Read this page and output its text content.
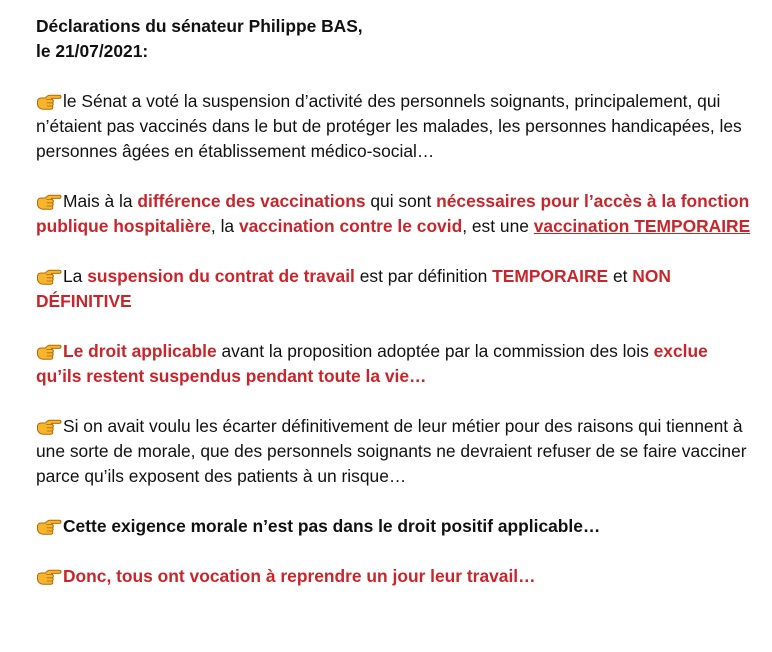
Déclarations du sénateur Philippe BAS,

le 21/07/2021:

le Sénat a voté la suspension d’activité des personnels soignants, principalement, qui n’étaient pas vaccinés dans le but de protéger les malades, les personnes handicapées, les personnes âgées en établissement médico-social…

Mais à la différence des vaccinations qui sont nécessaires pour l’accès à la fonction publique hospitalière, la vaccination contre le covid, est une vaccination TEMPORAIRE

La suspension du contrat de travail est par définition TEMPORAIRE et NON DÉFINITIVE

Le droit applicable avant la proposition adoptée par la commission des lois exclue qu’ils restent suspendus pendant toute la vie…

Si on avait voulu les écarter définitivement de leur métier pour des raisons qui tiennent à une sorte de morale, que des personnels soignants ne devraient refuser de se faire vacciner parce qu’ils exposent des patients à un risque…

Cette exigence morale n’est pas dans le droit positif applicable…

Donc, tous ont vocation à reprendre un jour leur travail…
